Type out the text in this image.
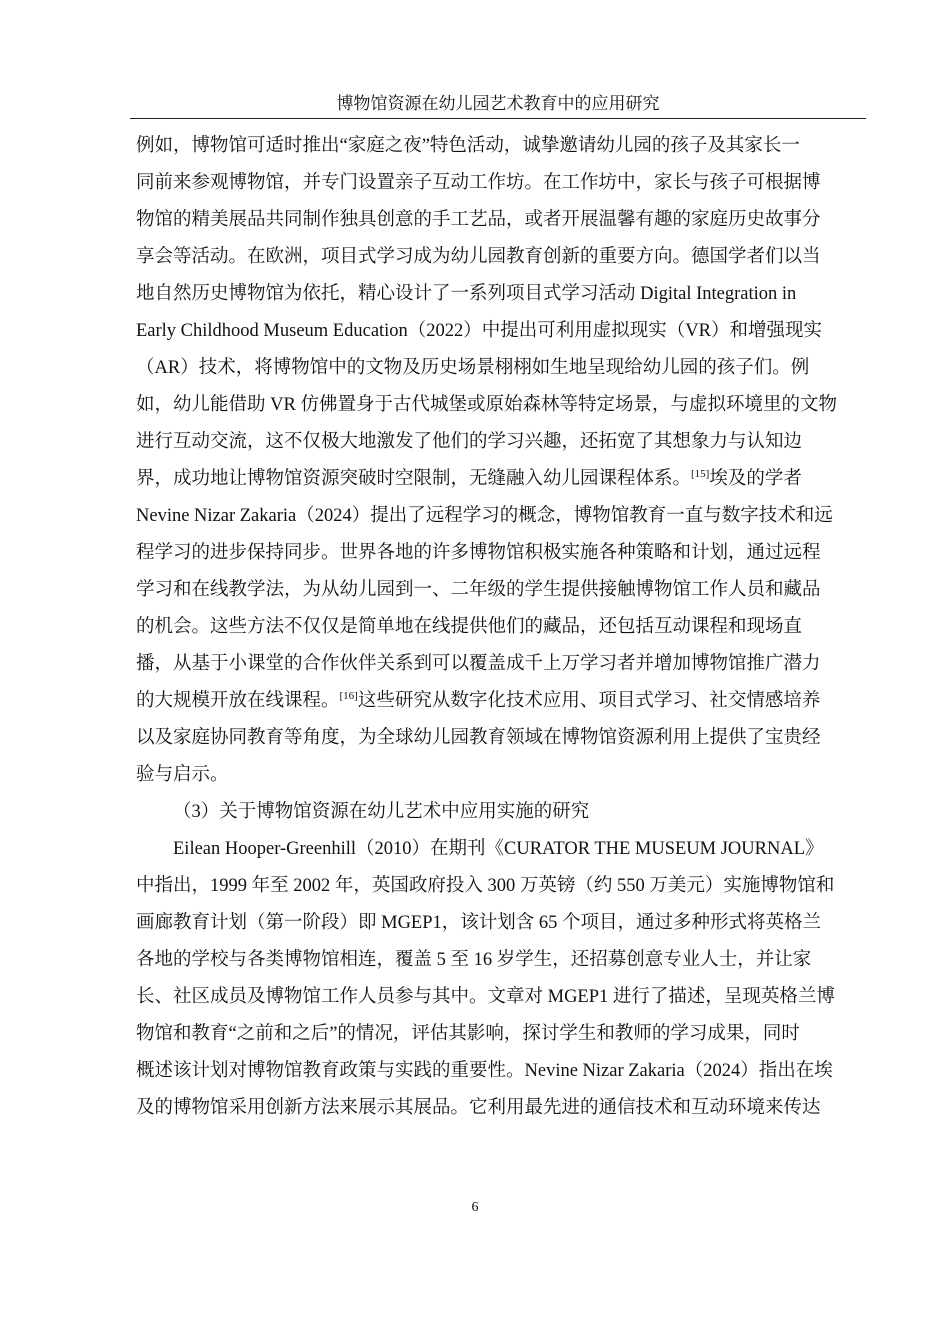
博物馆资源在幼儿园艺术教育中的应用研究
例如，博物馆可适时推出“家庭之夜”特色活动，诚挚邀请幼儿园的孩子及其家长一
同前来参观博物馆，并专门设置亲子互动工作坊。在工作坊中，家长与孩子可根据博
物馆的精美展品共同制作独具创意的手工艺品，或者开展温馨有趣的家庭历史故事分
享会等活动。在欧洲，项目式学习成为幼儿园教育创新的重要方向。德国学者们以当
地自然历史博物馆为依托，精心设计了一系列项目式学习活动 Digital Integration in
Early Childhood Museum Education（2022）中提出可利用虚拟现实（VR）和增强现实
（AR）技术，将博物馆中的文物及历史场景栩栩如生地呈现给幼儿园的孩子们。例
如，幼儿能借助 VR 仿佛置身于古代城堡或原始森林等特定场景，与虚拟环境里的文物
进行互动交流，这不仅极大地激发了他们的学习兴趣，还拓宽了其想象力与认知边
界，成功地让博物馆资源突破时空限制，无缝融入幼儿园课程体系。[15]埃及的学者
Nevine Nizar Zakaria（2024）提出了远程学习的概念，博物馆教育一直与数字技术和远
程学习的进步保持同步。世界各地的许多博物馆积极实施各种策略和计划，通过远程
学习和在线教学法，为从幼儿园到一、二年级的学生提供接触博物馆工作人员和藏品
的机会。这些方法不仅仅是简单地在线提供他们的藏品，还包括互动课程和现场直
播，从基于小课堂的合作伙伴关系到可以覆盖成千上万学习者并增加博物馆推广潜力
的大规模开放在线课程。[16]这些研究从数字化技术应用、项目式学习、社交情感培养
以及家庭协同教育等角度，为全球幼儿园教育领域在博物馆资源利用上提供了宝贵经
验与启示。
（3）关于博物馆资源在幼儿艺术中应用实施的研究
Eilean Hooper-Greenhill（2010）在期刊《CURATOR THE MUSEUM JOURNAL》
中指出，1999 年至 2002 年，英国政府投入 300 万英镑（约 550 万美元）实施博物馆和
画廊教育计划（第一阶段）即 MGEP1，该计划含 65 个项目，通过多种形式将英格兰
各地的学校与各类博物馆相连，覆盖 5 至 16 岁学生，还招募创意专业人士，并让家
长、社区成员及博物馆工作人员参与其中。文章对 MGEP1 进行了描述，呈现英格兰博
物馆和教育“之前和之后”的情况，评估其影响，探讨学生和教师的学习成果，同时
概述该计划对博物馆教育政策与实践的重要性。Nevine Nizar Zakaria（2024）指出在埃
及的博物馆采用创新方法来展示其展品。它利用最先进的通信技术和互动环境来传达
6
